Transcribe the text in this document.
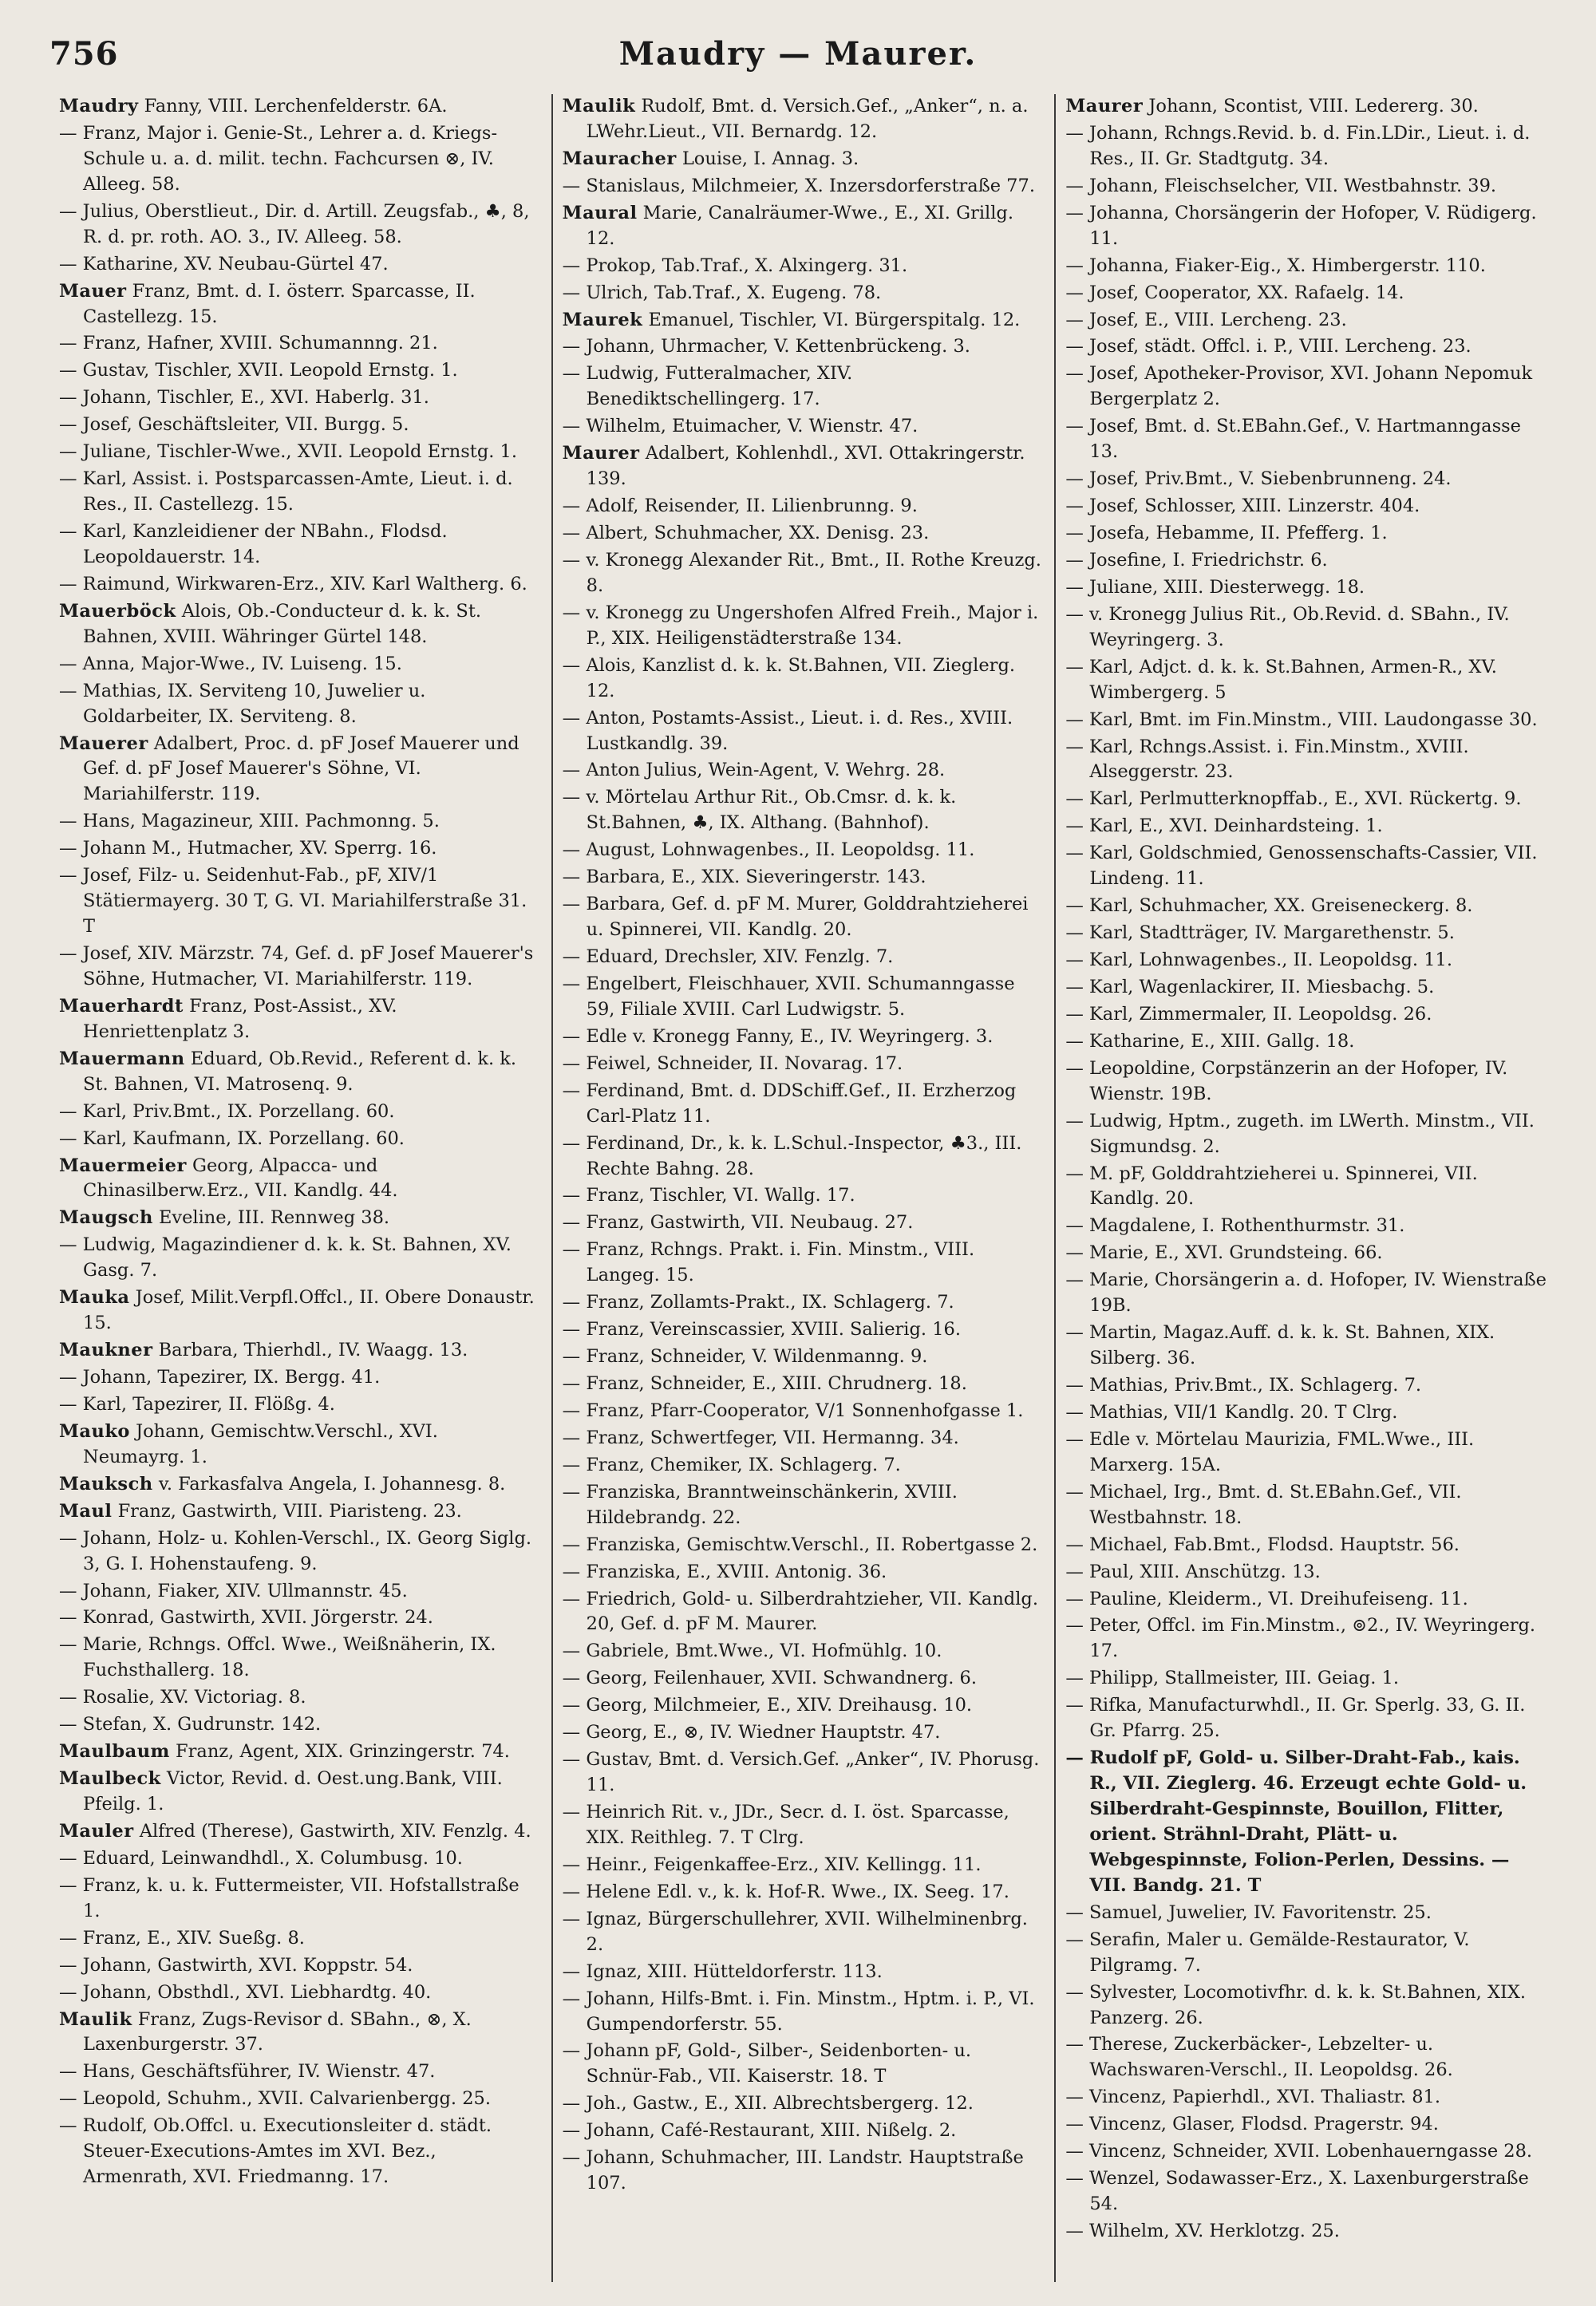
756	Maudry — Maurer.
Maudry Fanny, VIII. Lerchenfelderstr. 6A.
— Franz, Major i. Genie-St., Lehrer a. d. Kriegs-Schule u. a. d. milit. techn. Fachcursen ⊗, IV. Alleeg. 58.
— Julius, Oberstlieut., Dir. d. Artill. Zeugsfab., ♣, 8, R. d. pr. roth. AO. 3., IV. Alleeg. 58.
— Katharine, XV. Neubau-Gürtel 47.
Mauer Franz, Bmt. d. I. österr. Sparcasse, II. Castellezg. 15.
— Franz, Hafner, XVIII. Schumannng. 21.
— Gustav, Tischler, XVII. Leopold Ernstg. 1.
— Johann, Tischler, E., XVI. Haberlg. 31.
— Josef, Geschäftsleiter, VII. Burgg. 5.
— Juliane, Tischler-Wwe., XVII. Leopold Ernstg. 1.
— Karl, Assist. i. Postsparcassen-Amte, Lieut. i. d. Res., II. Castellezg. 15.
— Karl, Kanzleidiener der NBahn., Flodsd. Leopoldauerstr. 14.
— Raimund, Wirkwaren-Erz., XIV. Karl Waltherg. 6.
Mauerböck Alois, Ob.-Conducteur d. k. k. St. Bahnen, XVIII. Währinger Gürtel 148.
— Anna, Major-Wwe., IV. Luiseng. 15.
— Mathias, IX. Serviteng 10, Juwelier u. Goldarbeiter, IX. Serviteng. 8.
Mauerer Adalbert, Proc. d. pF Josef Mauerer und Gef. d. pF Josef Mauerer's Söhne, VI. Mariahilferstr. 119.
— Hans, Magazineur, XIII. Pachmonng. 5.
— Johann M., Hutmacher, XV. Sperrg. 16.
— Josef, Filz- u. Seidenhut-Fab., pF, XIV/1 Stätiermayerg. 30 T, G. VI. Mariahilferstraße 31. T
— Josef, XIV. Märzstr. 74, Gef. d. pF Josef Mauerer's Söhne, Hutmacher, VI. Mariahilferstr. 119.
Mauerhardt Franz, Post-Assist., XV. Henriettenplatz 3.
Mauermann Eduard, Ob.Revid., Referent d. k. k. St. Bahnen, VI. Matrosenq. 9.
— Karl, Priv.Bmt., IX. Porzellang. 60.
— Karl, Kaufmann, IX. Porzellang. 60.
Mauermeier Georg, Alpacca- und Chinasilberw.Erz., VII. Kandlg. 44.
Maugsch Eveline, III. Rennweg 38.
— Ludwig, Magazindiener d. k. k. St. Bahnen, XV. Gasg. 7.
Mauka Josef, Milit.Verpfl.Offcl., II. Obere Donaustr. 15.
Maukner Barbara, Thierhdl., IV. Waagg. 13.
— Johann, Tapezirer, IX. Bergg. 41.
— Karl, Tapezirer, II. Flößg. 4.
Mauko Johann, Gemischtw.Verschl., XVI. Neumayrg. 1.
Mauksch v. Farkasfalva Angela, I. Johannesg. 8.
Maul Franz, Gastwirth, VIII. Piaristeng. 23.
— Johann, Holz- u. Kohlen-Verschl., IX. Georg Siglg. 3, G. I. Hohenstaufeng. 9.
— Johann, Fiaker, XIV. Ullmannstr. 45.
— Konrad, Gastwirth, XVII. Jörgerstr. 24.
— Marie, Rchngs. Offcl. Wwe., Weißnäherin, IX. Fuchsthallerg. 18.
— Rosalie, XV. Victoriag. 8.
— Stefan, X. Gudrunstr. 142.
Maulbaum Franz, Agent, XIX. Grinzingerstr. 74.
Maulbeck Victor, Revid. d. Oest.ung.Bank, VIII. Pfeilg. 1.
Mauler Alfred (Therese), Gastwirth, XIV. Fenzlg. 4.
— Eduard, Leinwandhdl., X. Columbusg. 10.
— Franz, k. u. k. Futtermeister, VII. Hofstallstraße 1.
— Franz, E., XIV. Sueßg. 8.
— Johann, Gastwirth, XVI. Koppstr. 54.
— Johann, Obsthdl., XVI. Liebhardtg. 40.
Maulik Franz, Zugs-Revisor d. SBahn., ⊗, X. Laxenburgerstr. 37.
— Hans, Geschäftsführer, IV. Wienstr. 47.
— Leopold, Schuhm., XVII. Calvarienbergg. 25.
— Rudolf, Ob.Offcl. u. Executionsleiter d. städt. Steuer-Executions-Amtes im XVI. Bez., Armenrath, XVI. Friedmanng. 17.
Maulik Rudolf, Bmt. d. Versich.Gef., „Anker“, n. a. LWehr.Lieut., VII. Bernardg. 12.
Mauracher Louise, I. Annag. 3.
— Stanislaus, Milchmeier, X. Inzersdorferstraße 77.
Maural Marie, Canalräumer-Wwe., E., XI. Grillg. 12.
— Prokop, Tab.Traf., X. Alxingerg. 31.
— Ulrich, Tab.Traf., X. Eugeng. 78.
Maurek Emanuel, Tischler, VI. Bürgerspitalg. 12.
— Johann, Uhrmacher, V. Kettenbrückeng. 3.
— Ludwig, Futteralmacher, XIV. Benediktschellingerg. 17.
— Wilhelm, Etuimacher, V. Wienstr. 47.
Maurer Adalbert, Kohlenhdl., XVI. Ottakringerstr. 139.
— Adolf, Reisender, II. Lilienbrunng. 9.
— Albert, Schuhmacher, XX. Denisg. 23.
— v. Kronegg Alexander Rit., Bmt., II. Rothe Kreuzg. 8.
— v. Kronegg zu Ungershofen Alfred Freih., Major i. P., XIX. Heiligenstädterstraße 134.
— Alois, Kanzlist d. k. k. St.Bahnen, VII. Zieglerg. 12.
— Anton, Postamts-Assist., Lieut. i. d. Res., XVIII. Lustkandlg. 39.
— Anton Julius, Wein-Agent, V. Wehrg. 28.
— v. Mörtelau Arthur Rit., Ob.Cmsr. d. k. k. St.Bahnen, ♣, IX. Althang. (Bahnhof).
— August, Lohnwagenbes., II. Leopoldsg. 11.
— Barbara, E., XIX. Sieveringerstr. 143.
— Barbara, Gef. d. pF M. Murer, Golddrahtzieherei u. Spinnerei, VII. Kandlg. 20.
— Eduard, Drechsler, XIV. Fenzlg. 7.
— Engelbert, Fleischhauer, XVII. Schumanngasse 59, Filiale XVIII. Carl Ludwigstr. 5.
— Edle v. Kronegg Fanny, E., IV. Weyringerg. 3.
— Feiwel, Schneider, II. Novarag. 17.
— Ferdinand, Bmt. d. DDSchiff.Gef., II. Erzherzog Carl-Platz 11.
— Ferdinand, Dr., k. k. L.Schul.-Inspector, ♣3., III. Rechte Bahng. 28.
— Franz, Tischler, VI. Wallg. 17.
— Franz, Gastwirth, VII. Neubaug. 27.
— Franz, Rchngs. Prakt. i. Fin. Minstm., VIII. Langeg. 15.
— Franz, Zollamts-Prakt., IX. Schlagerg. 7.
— Franz, Vereinscassier, XVIII. Salierig. 16.
— Franz, Schneider, V. Wildenmanng. 9.
— Franz, Schneider, E., XIII. Chrudnerg. 18.
— Franz, Pfarr-Cooperator, V/1 Sonnenhofgasse 1.
— Franz, Schwertfeger, VII. Hermanng. 34.
— Franz, Chemiker, IX. Schlagerg. 7.
— Franziska, Branntweinschänkerin, XVIII. Hildebrandg. 22.
— Franziska, Gemischtw.Verschl., II. Robertgasse 2.
— Franziska, E., XVIII. Antonig. 36.
— Friedrich, Gold- u. Silberdrahtzieher, VII. Kandlg. 20, Gef. d. pF M. Maurer.
— Gabriele, Bmt.Wwe., VI. Hofmühlg. 10.
— Georg, Feilenhauer, XVII. Schwandnerg. 6.
— Georg, Milchmeier, E., XIV. Dreihausg. 10.
— Georg, E., ⊗, IV. Wiedner Hauptstr. 47.
— Gustav, Bmt. d. Versich.Gef. „Anker“, IV. Phorusg. 11.
— Heinrich Rit. v., JDr., Secr. d. I. öst. Sparcasse, XIX. Reithleg. 7. T Clrg.
— Heinr., Feigenkaffee-Erz., XIV. Kellingg. 11.
— Helene Edl. v., k. k. Hof-R. Wwe., IX. Seeg. 17.
— Ignaz, Bürgerschullehrer, XVII. Wilhelminenbrg. 2.
— Ignaz, XIII. Hütteldorferstr. 113.
— Johann, Hilfs-Bmt. i. Fin. Minstm., Hptm. i. P., VI. Gumpendorferstr. 55.
— Johann pF, Gold-, Silber-, Seidenborten- u. Schnür-Fab., VII. Kaiserstr. 18. T
— Joh., Gastw., E., XII. Albrechtsbergerg. 12.
— Johann, Café-Restaurant, XIII. Nißelg. 2.
— Johann, Schuhmacher, III. Landstr. Hauptstraße 107.
Maurer Johann, Scontist, VIII. Ledererg. 30.
— Johann, Rchngs.Revid. b. d. Fin.LDir., Lieut. i. d. Res., II. Gr. Stadtgutg. 34.
— Johann, Fleischselcher, VII. Westbahnstr. 39.
— Johanna, Chorsängerin der Hofoper, V. Rüdigerg. 11.
— Johanna, Fiaker-Eig., X. Himbergerstr. 110.
— Josef, Cooperator, XX. Rafaelg. 14.
— Josef, E., VIII. Lercheng. 23.
— Josef, städt. Offcl. i. P., VIII. Lercheng. 23.
— Josef, Apotheker-Provisor, XVI. Johann Nepomuk Bergerplatz 2.
— Josef, Bmt. d. St.EBahn.Gef., V. Hartmanngasse 13.
— Josef, Priv.Bmt., V. Siebenbrunneng. 24.
— Josef, Schlosser, XIII. Linzerstr. 404.
— Josefa, Hebamme, II. Pfefferg. 1.
— Josefine, I. Friedrichstr. 6.
— Juliane, XIII. Diesterwegg. 18.
— v. Kronegg Julius Rit., Ob.Revid. d. SBahn., IV. Weyringerg. 3.
— Karl, Adjct. d. k. k. St.Bahnen, Armen-R., XV. Wimbergerg. 5
— Karl, Bmt. im Fin.Minstm., VIII. Laudongasse 30.
— Karl, Rchngs.Assist. i. Fin.Minstm., XVIII. Alseggerstr. 23.
— Karl, Perlmutterknopffab., E., XVI. Rückertg. 9.
— Karl, E., XVI. Deinhardsteing. 1.
— Karl, Goldschmied, Genossenschafts-Cassier, VII. Lindeng. 11.
— Karl, Schuhmacher, XX. Greiseneckerg. 8.
— Karl, Stadtträger, IV. Margarethenstr. 5.
— Karl, Lohnwagenbes., II. Leopoldsg. 11.
— Karl, Wagenlackirer, II. Miesbachg. 5.
— Karl, Zimmermaler, II. Leopoldsg. 26.
— Katharine, E., XIII. Gallg. 18.
— Leopoldine, Corpstänzerin an der Hofoper, IV. Wienstr. 19B.
— Ludwig, Hptm., zugeth. im LWerth. Minstm., VII. Sigmundsg. 2.
— M. pF, Golddrahtzieherei u. Spinnerei, VII. Kandlg. 20.
— Magdalene, I. Rothenthurmstr. 31.
— Marie, E., XVI. Grundsteing. 66.
— Marie, Chorsängerin a. d. Hofoper, IV. Wienstraße 19B.
— Martin, Magaz.Auff. d. k. k. St. Bahnen, XIX. Silberg. 36.
— Mathias, Priv.Bmt., IX. Schlagerg. 7.
— Mathias, VII/1 Kandlg. 20. T Clrg.
— Edle v. Mörtelau Maurizia, FML.Wwe., III. Marxerg. 15A.
— Michael, Irg., Bmt. d. St.EBahn.Gef., VII. Westbahnstr. 18.
— Michael, Fab.Bmt., Flodsd. Hauptstr. 56.
— Paul, XIII. Anschützg. 13.
— Pauline, Kleiderm., VI. Dreihufeiseng. 11.
— Peter, Offcl. im Fin.Minstm., ⊚2., IV. Weyringerg. 17.
— Philipp, Stallmeister, III. Geiag. 1.
— Rifka, Manufacturwhdl., II. Gr. Sperlg. 33, G. II. Gr. Pfarrg. 25.
— Rudolf pF, Gold- u. Silber-Draht-Fab., kais. R., VII. Zieglerg. 46. Erzeugt echte Gold- u. Silberdraht-Gespinnste, Bouillon, Flitter, orient. Strähnl-Draht, Plätt- u. Webgespinnste, Folion-Perlen, Dessins. — VII. Bandg. 21. T
— Samuel, Juwelier, IV. Favoritenstr. 25.
— Serafin, Maler u. Gemälde-Restaurator, V. Pilgramg. 7.
— Sylvester, Locomotivfhr. d. k. k. St.Bahnen, XIX. Panzerg. 26.
— Therese, Zuckerbäcker-, Lebzelter- u. Wachswaren-Verschl., II. Leopoldsg. 26.
— Vincenz, Papierhdl., XVI. Thaliastr. 81.
— Vincenz, Glaser, Flodsd. Pragerstr. 94.
— Vincenz, Schneider, XVII. Lobenhauerngasse 28.
— Wenzel, Sodawasser-Erz., X. Laxenburgerstraße 54.
— Wilhelm, XV. Herklotzg. 25.
